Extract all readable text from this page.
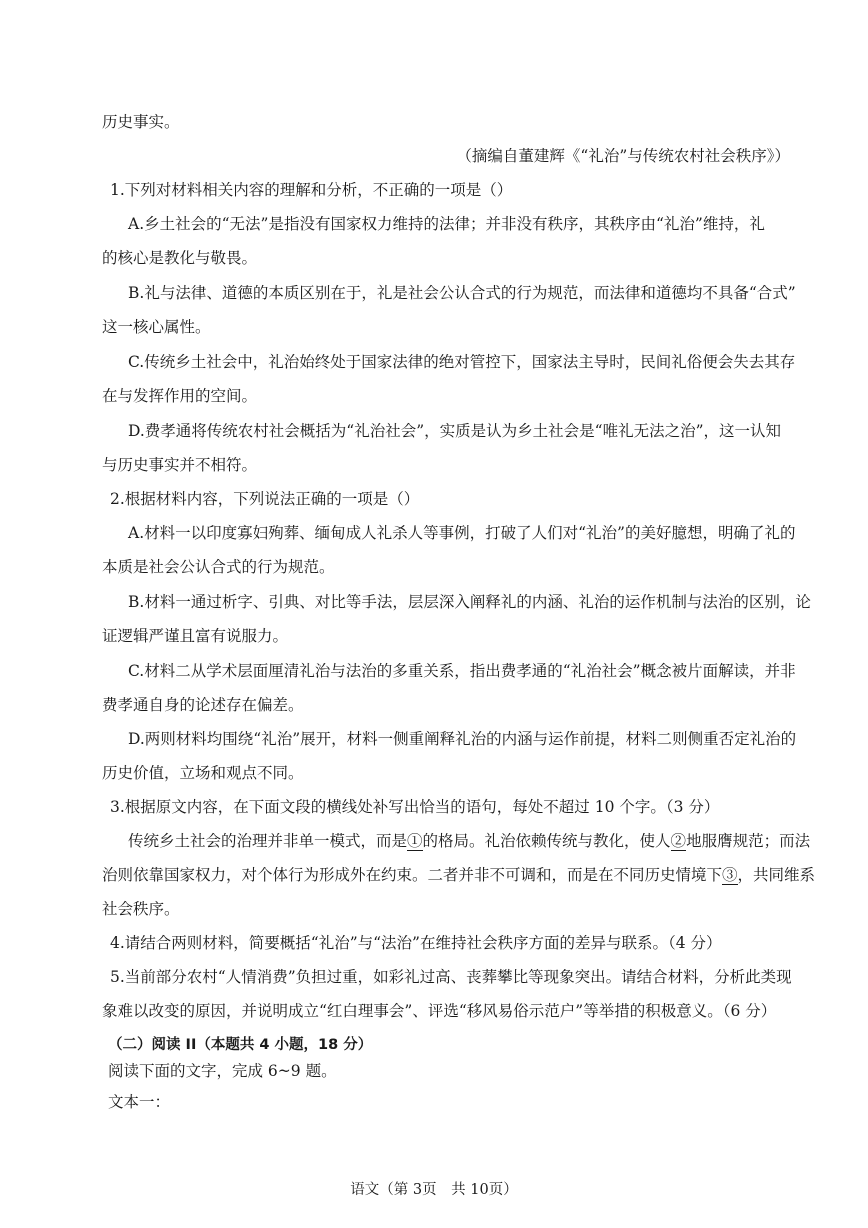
历史事实。
（摘编自董建辉《“礼治”与传统农村社会秩序》）
1.下列对材料相关内容的理解和分析，不正确的一项是（）
A.乡土社会的“无法”是指没有国家权力维持的法律；并非没有秩序，其秩序由“礼治”维持，礼
的核心是教化与敬畏。
B.礼与法律、道德的本质区别在于，礼是社会公认合式的行为规范，而法律和道德均不具备“合式”
这一核心属性。
C.传统乡土社会中，礼治始终处于国家法律的绝对管控下，国家法主导时，民间礼俗便会失去其存
在与发挥作用的空间。
D.费孝通将传统农村社会概括为“礼治社会”，实质是认为乡土社会是“唯礼无法之治”，这一认知
与历史事实并不相符。
2.根据材料内容，下列说法正确的一项是（）
A.材料一以印度寡妇殉葬、缅甸成人礼杀人等事例，打破了人们对“礼治”的美好臆想，明确了礼的
本质是社会公认合式的行为规范。
B.材料一通过析字、引典、对比等手法，层层深入阐释礼的内涵、礼治的运作机制与法治的区别，论
证逻辑严谨且富有说服力。
C.材料二从学术层面厘清礼治与法治的多重关系，指出费孝通的“礼治社会”概念被片面解读，并非
费孝通自身的论述存在偏差。
D.两则材料均围绕“礼治”展开，材料一侧重阐释礼治的内涵与运作前提，材料二则侧重否定礼治的
历史价值，立场和观点不同。
3.根据原文内容，在下面文段的横线处补写出恰当的语句，每处不超过 10 个字。（3 分）
传统乡土社会的治理并非单一模式，而是①的格局。礼治依赖传统与教化，使人②地服膺规范；而法
治则依靠国家权力，对个体行为形成外在约束。二者并非不可调和，而是在不同历史情境下③，共同维系
社会秩序。
4.请结合两则材料，简要概括“礼治”与“法治”在维持社会秩序方面的差异与联系。（4 分）
5.当前部分农村“人情消费”负担过重，如彩礼过高、丧葬攀比等现象突出。请结合材料，分析此类现
象难以改变的原因，并说明成立“红白理事会”、评选“移风易俗示范户”等举措的积极意义。（6 分）
（二）阅读 II（本题共 4 小题，18 分）
阅读下面的文字，完成 6~9 题。
文本一：
语文（第 3页　共 10页）
